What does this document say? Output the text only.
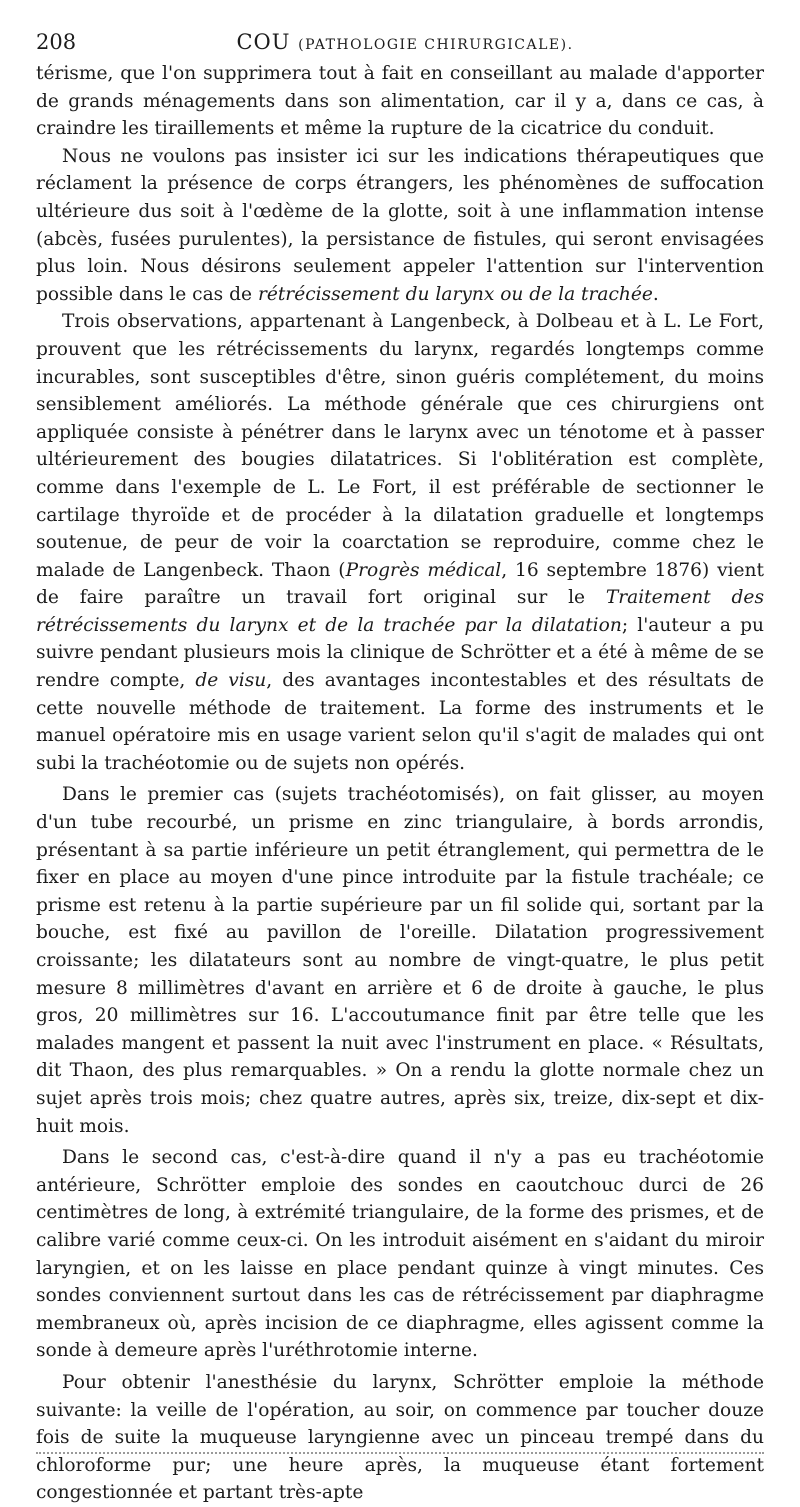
208	COU (PATHOLOGIE CHIRURGICALE).

térisme, que l'on supprimera tout à fait en conseillant au malade d'apporter de grands ménagements dans son alimentation, car il y a, dans ce cas, à craindre les tiraillements et même la rupture de la cicatrice du conduit.

Nous ne voulons pas insister ici sur les indications thérapeutiques que réclament la présence de corps étrangers, les phénomènes de suffocation ultérieure dus soit à l'œdème de la glotte, soit à une inflammation intense (abcès, fusées purulentes), la persistance de fistules, qui seront envisagées plus loin. Nous désirons seulement appeler l'attention sur l'intervention possible dans le cas de rétrécissement du larynx ou de la trachée.

Trois observations, appartenant à Langenbeck, à Dolbeau et à L. Le Fort, prouvent que les rétrécissements du larynx, regardés longtemps comme incurables, sont susceptibles d'être, sinon guéris complétement, du moins sensiblement améliorés. La méthode générale que ces chirurgiens ont appliquée consiste à pénétrer dans le larynx avec un ténotome et à passer ultérieurement des bougies dilatatrices. Si l'oblitération est complète, comme dans l'exemple de L. Le Fort, il est préférable de sectionner le cartilage thyroïde et de procéder à la dilatation graduelle et longtemps soutenue, de peur de voir la coarctation se reproduire, comme chez le malade de Langenbeck. Thaon (Progrès médical, 16 septembre 1876) vient de faire paraître un travail fort original sur le Traitement des rétrécissements du larynx et de la trachée par la dilatation; l'auteur a pu suivre pendant plusieurs mois la clinique de Schrötter et a été à même de se rendre compte, de visu, des avantages incontestables et des résultats de cette nouvelle méthode de traitement. La forme des instruments et le manuel opératoire mis en usage varient selon qu'il s'agit de malades qui ont subi la trachéotomie ou de sujets non opérés.

Dans le premier cas (sujets trachéotomisés), on fait glisser, au moyen d'un tube recourbé, un prisme en zinc triangulaire, à bords arrondis, présentant à sa partie inférieure un petit étranglement, qui permettra de le fixer en place au moyen d'une pince introduite par la fistule trachéale; ce prisme est retenu à la partie supérieure par un fil solide qui, sortant par la bouche, est fixé au pavillon de l'oreille. Dilatation progressivement croissante; les dilatateurs sont au nombre de vingt-quatre, le plus petit mesure 8 millimètres d'avant en arrière et 6 de droite à gauche, le plus gros, 20 millimètres sur 16. L'accoutumance finit par être telle que les malades mangent et passent la nuit avec l'instrument en place. « Résultats, dit Thaon, des plus remarquables. » On a rendu la glotte normale chez un sujet après trois mois; chez quatre autres, après six, treize, dix-sept et dix-huit mois.

Dans le second cas, c'est-à-dire quand il n'y a pas eu trachéotomie antérieure, Schrötter emploie des sondes en caoutchouc durci de 26 centimètres de long, à extrémité triangulaire, de la forme des prismes, et de calibre varié comme ceux-ci. On les introduit aisément en s'aidant du miroir laryngien, et on les laisse en place pendant quinze à vingt minutes. Ces sondes conviennent surtout dans les cas de rétrécissement par diaphragme membraneux où, après incision de ce diaphragme, elles agissent comme la sonde à demeure après l'uréthrotomie interne.

Pour obtenir l'anesthésie du larynx, Schrötter emploie la méthode suivante: la veille de l'opération, au soir, on commence par toucher douze fois de suite la muqueuse laryngienne avec un pinceau trempé dans du chloroforme pur; une heure après, la muqueuse étant fortement congestionnée et partant très-apte
